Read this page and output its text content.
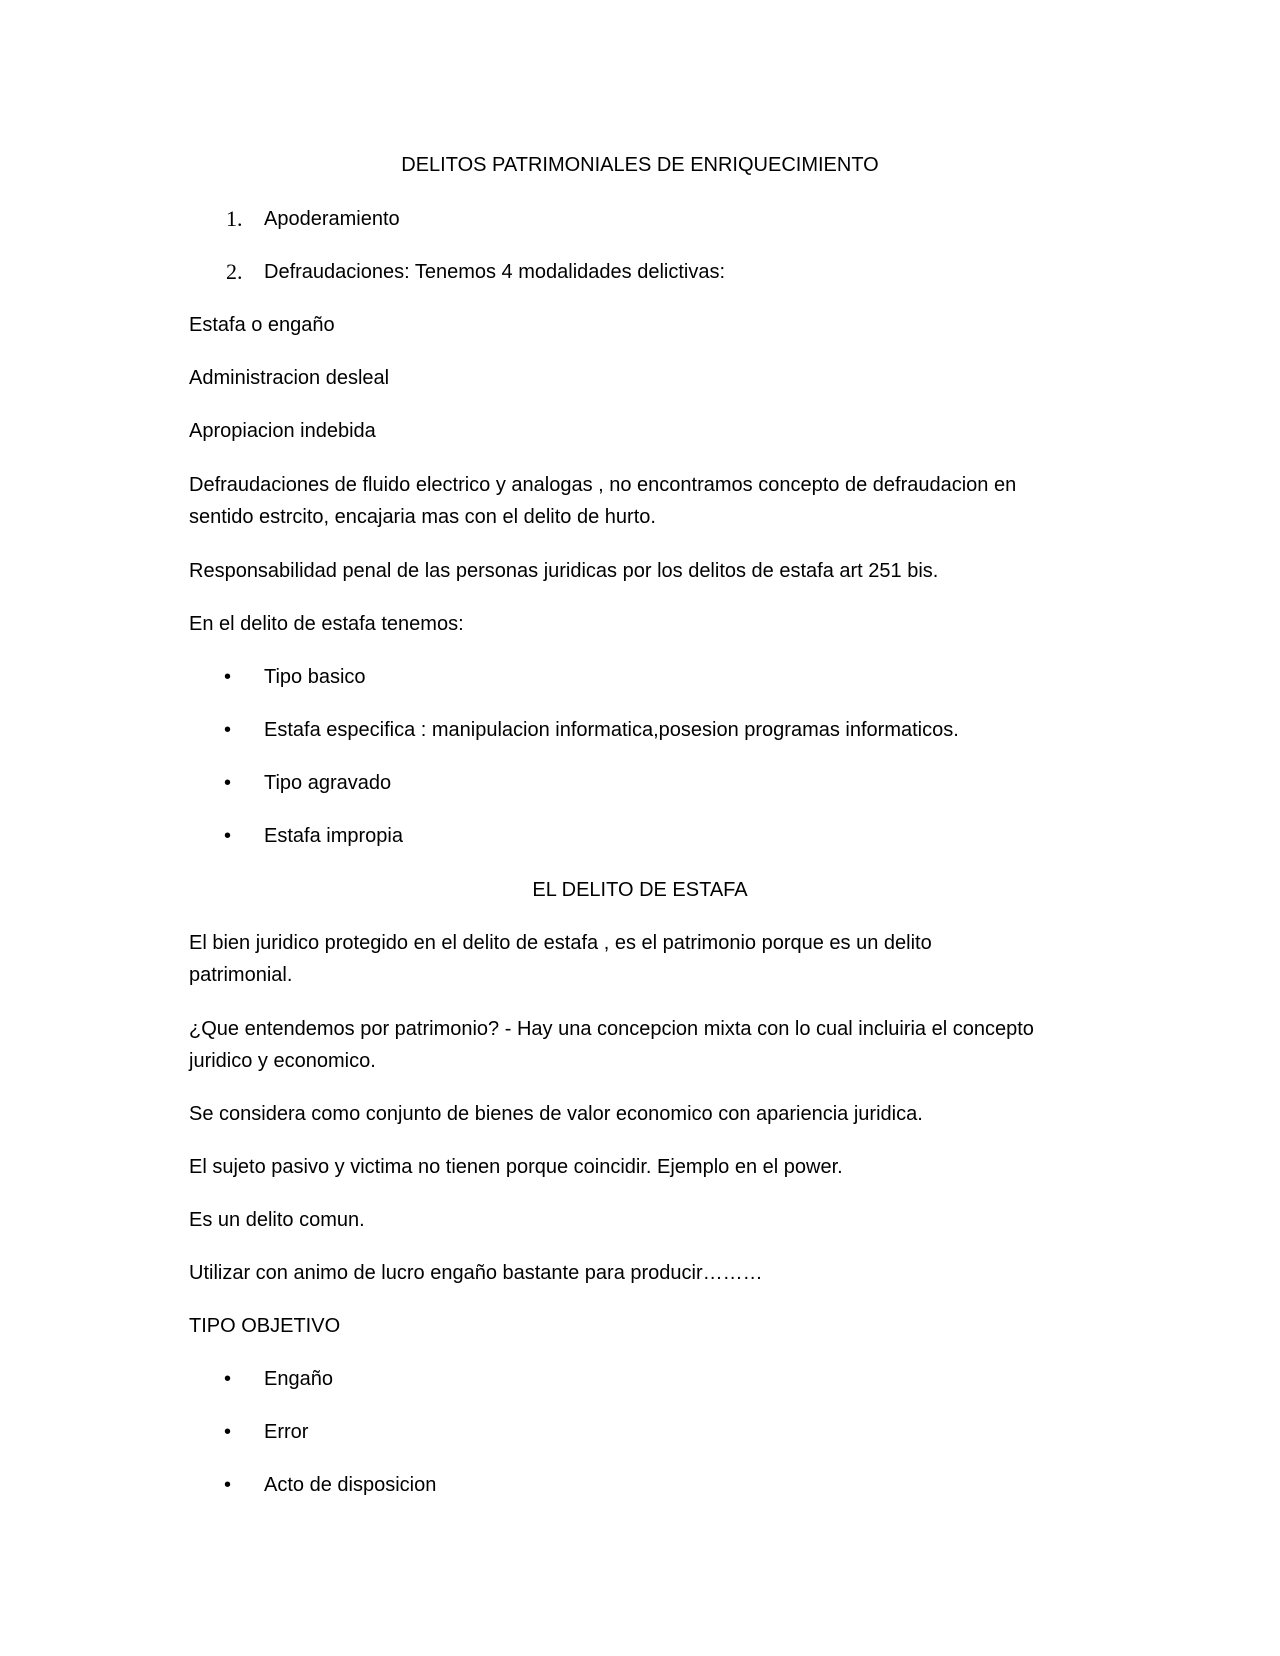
DELITOS PATRIMONIALES DE ENRIQUECIMIENTO

1. Apoderamiento

2. Defraudaciones: Tenemos 4 modalidades delictivas:

Estafa o engaño

Administracion desleal

Apropiacion indebida

Defraudaciones de fluido electrico y analogas , no encontramos concepto de defraudacion en

sentido estrcito, encajaria mas con el delito de hurto.

Responsabilidad penal de las personas juridicas por los delitos de estafa art 251 bis.

En el delito de estafa tenemos:

• Tipo basico

• Estafa especifica : manipulacion informatica,posesion programas informaticos.

• Tipo agravado

• Estafa impropia

EL DELITO DE ESTAFA

El bien juridico protegido en el delito de estafa , es el patrimonio porque es un delito

patrimonial.

¿Que entendemos por patrimonio? - Hay una concepcion mixta con lo cual incluiria el concepto

juridico y economico.

Se considera como conjunto de bienes de valor economico con apariencia juridica.

El sujeto pasivo y victima no tienen porque coincidir. Ejemplo en el power.

Es un delito comun.

Utilizar con animo de lucro engaño bastante para producir………

TIPO OBJETIVO

• Engaño

• Error

• Acto de disposicion
